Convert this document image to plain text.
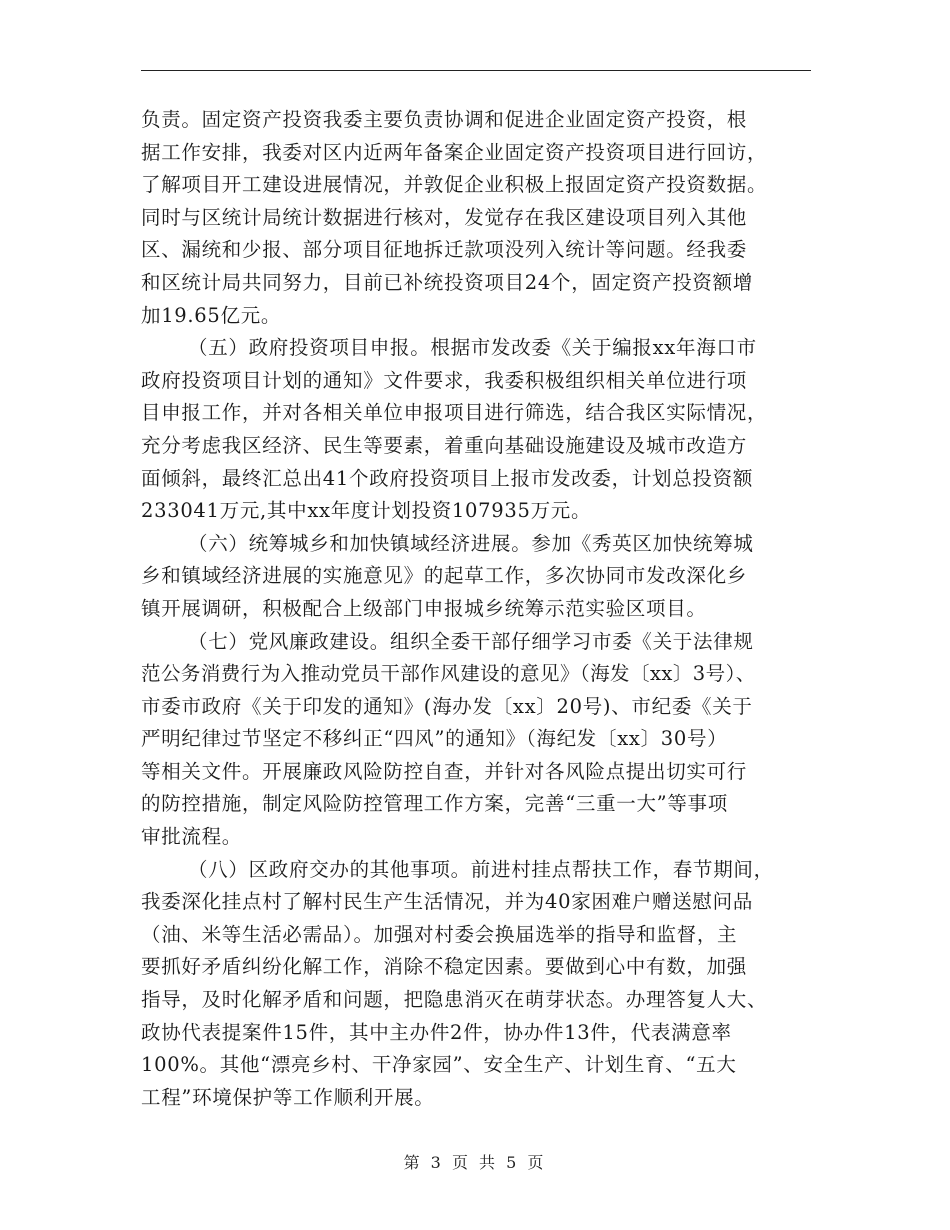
负责。固定资产投资我委主要负责协调和促进企业固定资产投资，根
据工作安排，我委对区内近两年备案企业固定资产投资项目进行回访，
了解项目开工建设进展情况，并敦促企业积极上报固定资产投资数据。
同时与区统计局统计数据进行核对，发觉存在我区建设项目列入其他
区、漏统和少报、部分项目征地拆迁款项没列入统计等问题。经我委
和区统计局共同努力，目前已补统投资项目24个，固定资产投资额增
加19.65亿元。
（五）政府投资项目申报。根据市发改委《关于编报xx年海口市
政府投资项目计划的通知》文件要求，我委积极组织相关单位进行项
目申报工作，并对各相关单位申报项目进行筛选，结合我区实际情况，
充分考虑我区经济、民生等要素，着重向基础设施建设及城市改造方
面倾斜，最终汇总出41个政府投资项目上报市发改委，计划总投资额
233041万元,其中xx年度计划投资107935万元。
（六）统筹城乡和加快镇域经济进展。参加《秀英区加快统筹城
乡和镇域经济进展的实施意见》的起草工作，多次协同市发改深化乡
镇开展调研，积极配合上级部门申报城乡统筹示范实验区项目。
（七）党风廉政建设。组织全委干部仔细学习市委《关于法律规
范公务消费行为入推动党员干部作风建设的意见》（海发〔xx〕3号）、
市委市政府《关于印发的通知》(海办发〔xx〕20号)、市纪委《关于
严明纪律过节坚定不移纠正“四风”的通知》（海纪发〔xx〕30号）
等相关文件。开展廉政风险防控自查，并针对各风险点提出切实可行
的防控措施，制定风险防控管理工作方案，完善“三重一大”等事项
审批流程。
（八）区政府交办的其他事项。前进村挂点帮扶工作，春节期间，
我委深化挂点村了解村民生产生活情况，并为40家困难户赠送慰问品
（油、米等生活必需品）。加强对村委会换届选举的指导和监督，主
要抓好矛盾纠纷化解工作，消除不稳定因素。要做到心中有数，加强
指导，及时化解矛盾和问题，把隐患消灭在萌芽状态。办理答复人大、
政协代表提案件15件，其中主办件2件，协办件13件，代表满意率
100%。其他“漂亮乡村、干净家园”、安全生产、计划生育、“五大
工程”环境保护等工作顺利开展。
第 3 页 共 5 页
